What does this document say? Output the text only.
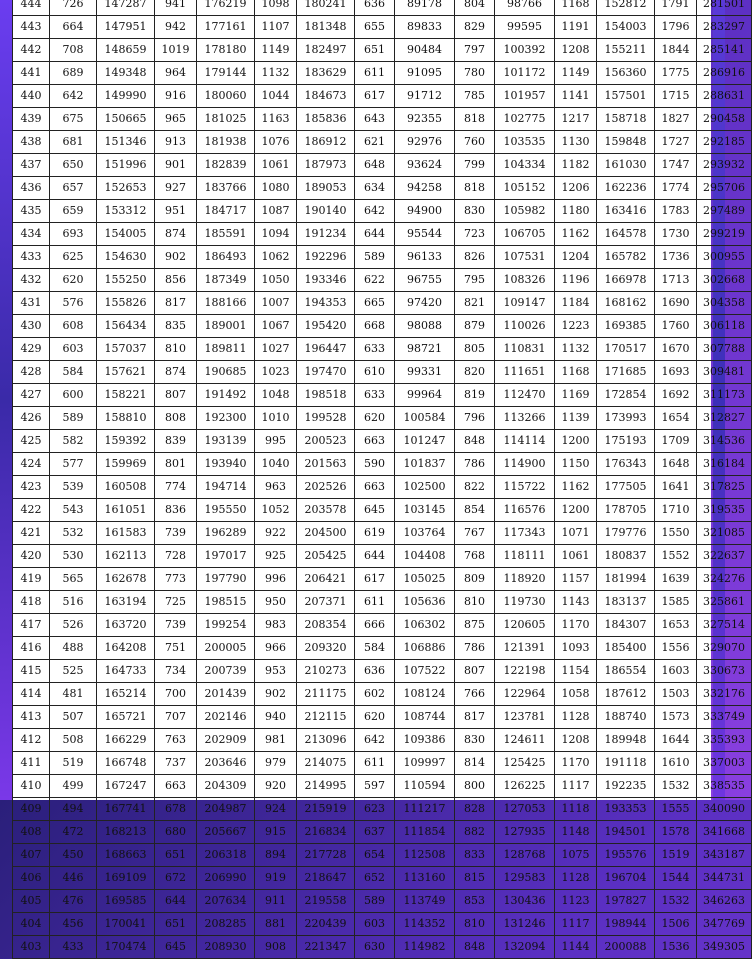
444	726	147287	941	176219	1098	180241	636	89178	804	98766	1168	152812	1791	281501
443	664	147951	942	177161	1107	181348	655	89833	829	99595	1191	154003	1796	283297
442	708	148659	1019	178180	1149	182497	651	90484	797	100392	1208	155211	1844	285141
441	689	149348	964	179144	1132	183629	611	91095	780	101172	1149	156360	1775	286916
440	642	149990	916	180060	1044	184673	617	91712	785	101957	1141	157501	1715	288631
439	675	150665	965	181025	1163	185836	643	92355	818	102775	1217	158718	1827	290458
438	681	151346	913	181938	1076	186912	621	92976	760	103535	1130	159848	1727	292185
437	650	151996	901	182839	1061	187973	648	93624	799	104334	1182	161030	1747	293932
436	657	152653	927	183766	1080	189053	634	94258	818	105152	1206	162236	1774	295706
435	659	153312	951	184717	1087	190140	642	94900	830	105982	1180	163416	1783	297489
434	693	154005	874	185591	1094	191234	644	95544	723	106705	1162	164578	1730	299219
433	625	154630	902	186493	1062	192296	589	96133	826	107531	1204	165782	1736	300955
432	620	155250	856	187349	1050	193346	622	96755	795	108326	1196	166978	1713	302668
431	576	155826	817	188166	1007	194353	665	97420	821	109147	1184	168162	1690	304358
430	608	156434	835	189001	1067	195420	668	98088	879	110026	1223	169385	1760	306118
429	603	157037	810	189811	1027	196447	633	98721	805	110831	1132	170517	1670	307788
428	584	157621	874	190685	1023	197470	610	99331	820	111651	1168	171685	1693	309481
427	600	158221	807	191492	1048	198518	633	99964	819	112470	1169	172854	1692	311173
426	589	158810	808	192300	1010	199528	620	100584	796	113266	1139	173993	1654	312827
425	582	159392	839	193139	995	200523	663	101247	848	114114	1200	175193	1709	314536
424	577	159969	801	193940	1040	201563	590	101837	786	114900	1150	176343	1648	316184
423	539	160508	774	194714	963	202526	663	102500	822	115722	1162	177505	1641	317825
422	543	161051	836	195550	1052	203578	645	103145	854	116576	1200	178705	1710	319535
421	532	161583	739	196289	922	204500	619	103764	767	117343	1071	179776	1550	321085
420	530	162113	728	197017	925	205425	644	104408	768	118111	1061	180837	1552	322637
419	565	162678	773	197790	996	206421	617	105025	809	118920	1157	181994	1639	324276
418	516	163194	725	198515	950	207371	611	105636	810	119730	1143	183137	1585	325861
417	526	163720	739	199254	983	208354	666	106302	875	120605	1170	184307	1653	327514
416	488	164208	751	200005	966	209320	584	106886	786	121391	1093	185400	1556	329070
415	525	164733	734	200739	953	210273	636	107522	807	122198	1154	186554	1603	330673
414	481	165214	700	201439	902	211175	602	108124	766	122964	1058	187612	1503	332176
413	507	165721	707	202146	940	212115	620	108744	817	123781	1128	188740	1573	333749
412	508	166229	763	202909	981	213096	642	109386	830	124611	1208	189948	1644	335393
411	519	166748	737	203646	979	214075	611	109997	814	125425	1170	191118	1610	337003
410	499	167247	663	204309	920	214995	597	110594	800	126225	1117	192235	1532	338535
409	494	167741	678	204987	924	215919	623	111217	828	127053	1118	193353	1555	340090
408	472	168213	680	205667	915	216834	637	111854	882	127935	1148	194501	1578	341668
407	450	168663	651	206318	894	217728	654	112508	833	128768	1075	195576	1519	343187
406	446	169109	672	206990	919	218647	652	113160	815	129583	1128	196704	1544	344731
405	476	169585	644	207634	911	219558	589	113749	853	130436	1123	197827	1532	346263
404	456	170041	651	208285	881	220439	603	114352	810	131246	1117	198944	1506	347769
403	433	170474	645	208930	908	221347	630	114982	848	132094	1144	200088	1536	349305
